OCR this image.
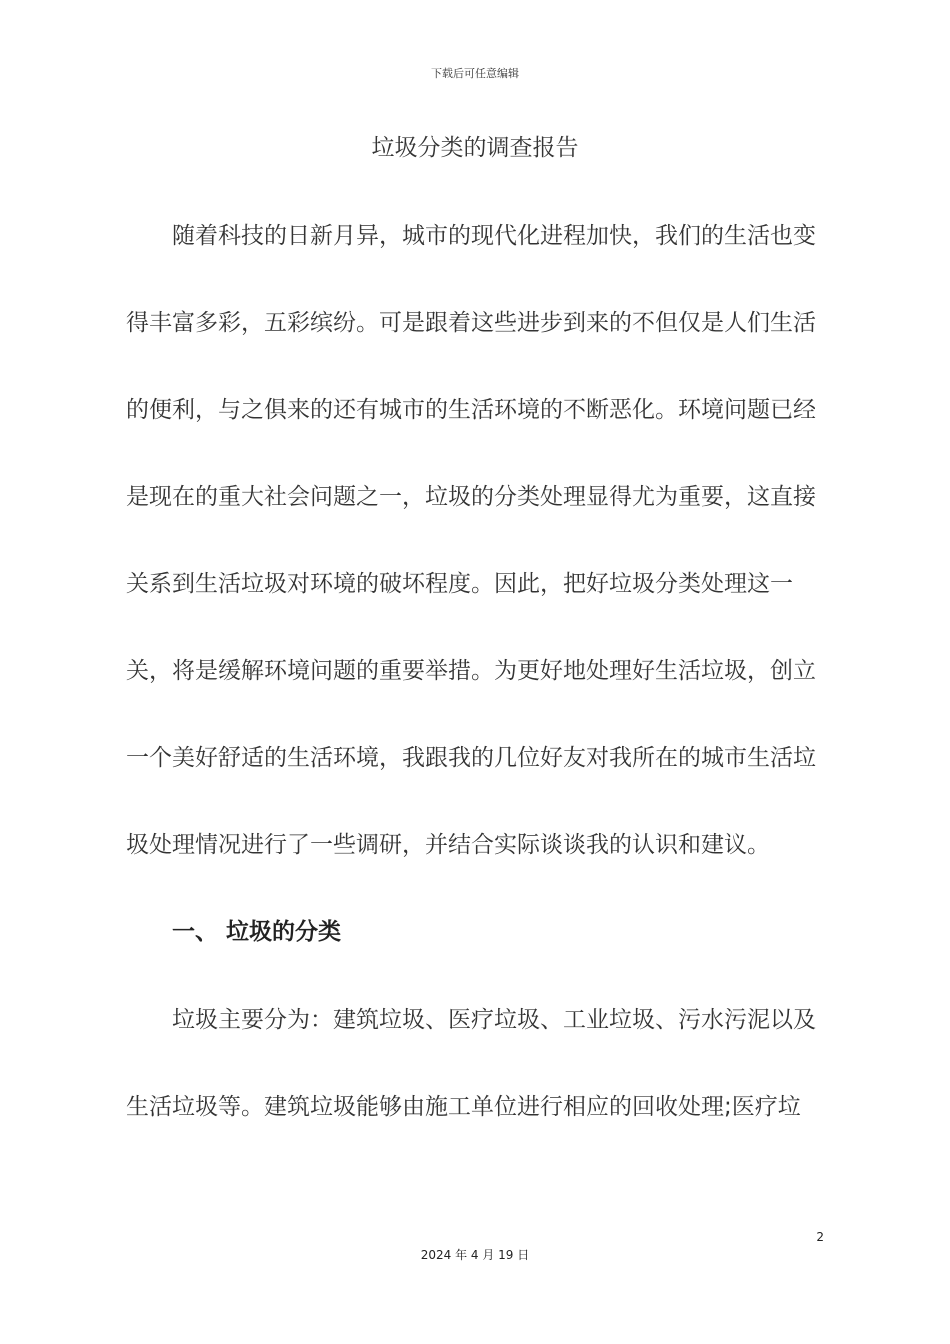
下载后可任意编辑
垃圾分类的调查报告
随着科技的日新月异，城市的现代化进程加快，我们的生活也变
得丰富多彩，五彩缤纷。可是跟着这些进步到来的不但仅是人们生活
的便利，与之俱来的还有城市的生活环境的不断恶化。环境问题已经
是现在的重大社会问题之一，垃圾的分类处理显得尤为重要，这直接
关系到生活垃圾对环境的破坏程度。因此，把好垃圾分类处理这一
关，将是缓解环境问题的重要举措。为更好地处理好生活垃圾，创立
一个美好舒适的生活环境，我跟我的几位好友对我所在的城市生活垃
圾处理情况进行了一些调研，并结合实际谈谈我的认识和建议。
一、 垃圾的分类
垃圾主要分为：建筑垃圾、医疗垃圾、工业垃圾、污水污泥以及
生活垃圾等。建筑垃圾能够由施工单位进行相应的回收处理;医疗垃
2
2024 年 4 月 19 日
